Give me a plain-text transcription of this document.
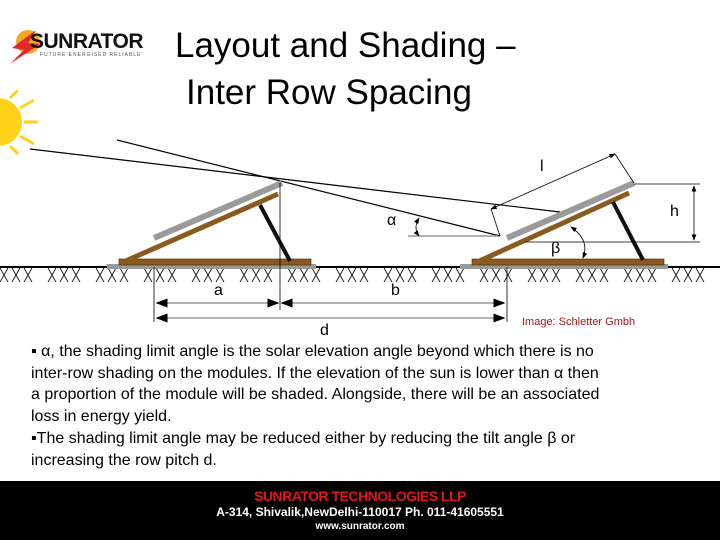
SUNRATOR
FUTURE ENERGISED RELIABLE Layout and Shading –
Inter Row Spacing
l
h
α
β
a	b
d	Image: Schletter Gmbh
▪ α, the shading limit angle is the solar elevation angle beyond which there is no
inter-row shading on the modules. If the elevation of the sun is lower than α then
a proportion of the module will be shaded. Alongside, there will be an associated
loss in energy yield.
▪The shading limit angle may be reduced either by reducing the tilt angle β or
increasing the row pitch d.
SUNRATOR TECHNOLOGIES LLP
A-314, Shivalik,NewDelhi-110017 Ph. 011-41605551
www.sunrator.com
